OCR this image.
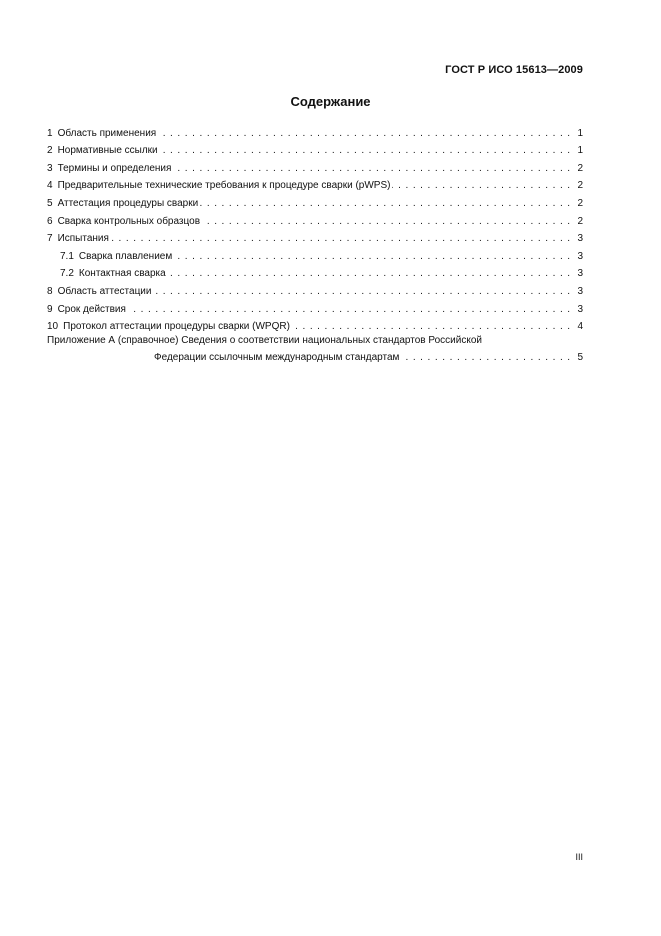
ГОСТ Р ИСО 15613—2009
Содержание
1 Область применения . . .	1
2 Нормативные ссылки . . .	1
3 Термины и определения . . .	2
4 Предварительные технические требования к процедуре сварки (pWPS) . . .	2
5 Аттестация процедуры сварки . . .	2
6 Сварка контрольных образцов . . .	2
7 Испытания . . .	3
7.1 Сварка плавлением . . .	3
7.2 Контактная сварка . . .	3
8 Область аттестации . . .	3
9 Срок действия . . .	3
10 Протокол аттестации процедуры сварки (WPQR) . . .	4
Приложение А (справочное) Сведения о соответствии национальных стандартов Российской
Федерации ссылочным международным стандартам . . .	5
III
